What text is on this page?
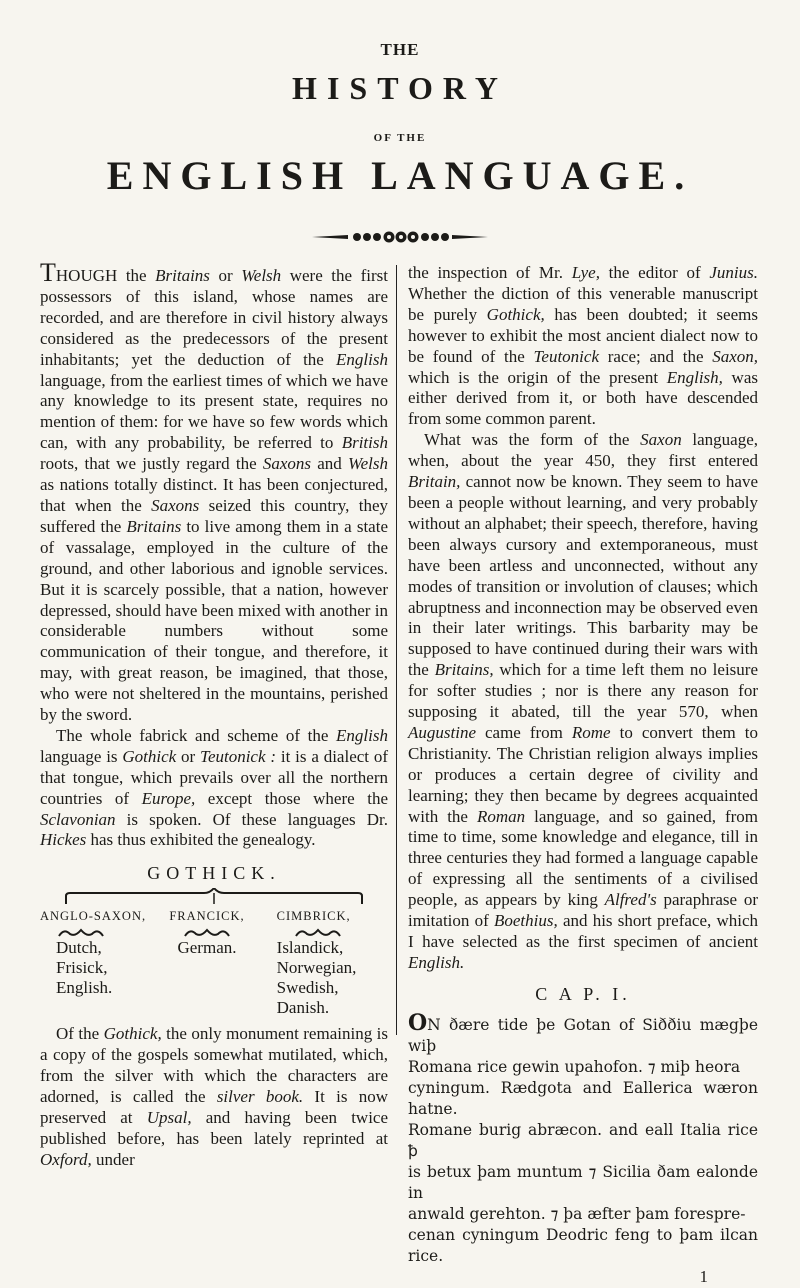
THE
HISTORY
OF THE
ENGLISH LANGUAGE.

THOUGH the Britains or Welsh were the first possessors of this island, whose names are recorded, and are therefore in civil history always considered as the predecessors of the present inhabitants; yet the deduction of the English language, from the earliest times of which we have any knowledge to its present state, requires no mention of them: for we have so few words which can, with any probability, be referred to British roots, that we justly regard the Saxons and Welsh as nations totally distinct. It has been conjectured, that when the Saxons seized this country, they suffered the Britains to live among them in a state of vassalage, employed in the culture of the ground, and other laborious and ignoble services. But it is scarcely possible, that a nation, however depressed, should have been mixed with another in considerable numbers without some communication of their tongue, and therefore, it may, with great reason, be imagined, that those, who were not sheltered in the mountains, perished by the sword.

The whole fabrick and scheme of the English language is Gothick or Teutonick : it is a dialect of that tongue, which prevails over all the northern countries of Europe, except those where the Sclavonian is spoken. Of these languages Dr. Hickes has thus exhibited the genealogy.

GOTHICK.
ANGLO-SAXON,
Dutch,
Frisick,
English.
FRANCICK,
German.
CIMBRICK,
Islandick,
Norwegian,
Swedish,
Danish.

Of the Gothick, the only monument remaining is a copy of the gospels somewhat mutilated, which, from the silver with which the characters are adorned, is called the silver book. It is now preserved at Upsal, and having been twice published before, has been lately reprinted at Oxford, under

the inspection of Mr. Lye, the editor of Junius. Whether the diction of this venerable manuscript be purely Gothick, has been doubted; it seems however to exhibit the most ancient dialect now to be found of the Teutonick race; and the Saxon, which is the origin of the present English, was either derived from it, or both have descended from some common parent.

What was the form of the Saxon language, when, about the year 450, they first entered Britain, cannot now be known. They seem to have been a people without learning, and very probably without an alphabet; their speech, therefore, having been always cursory and extemporaneous, must have been artless and unconnected, without any modes of transition or involution of clauses; which abruptness and inconnection may be observed even in their later writings. This barbarity may be supposed to have continued during their wars with the Britains, which for a time left them no leisure for softer studies ; nor is there any reason for supposing it abated, till the year 570, when Augustine came from Rome to convert them to Christianity. The Christian religion always implies or produces a certain degree of civility and learning; they then became by degrees acquainted with the Roman language, and so gained, from time to time, some knowledge and elegance, till in three centuries they had formed a language capable of expressing all the sentiments of a civilised people, as appears by king Alfred's paraphrase or imitation of Boethius, and his short preface, which I have selected as the first specimen of ancient English.

C A P. I.
ON ðære tide þe Gotan of Siððiu mægþe wiþ
Romana rice gewin upahofon. ⁊ miþ heora
cyningum. Rædgota and Eallerica wæron hatne.
Romane burig abræcon. and eall Italia rice ꝥ
is betux þam muntum ⁊ Sicilia ðam ealonde in
anwald gerehton. ⁊ þa æfter þam forespre-
cenan cyningum Deodric feng to þam ilcan rice.
1
